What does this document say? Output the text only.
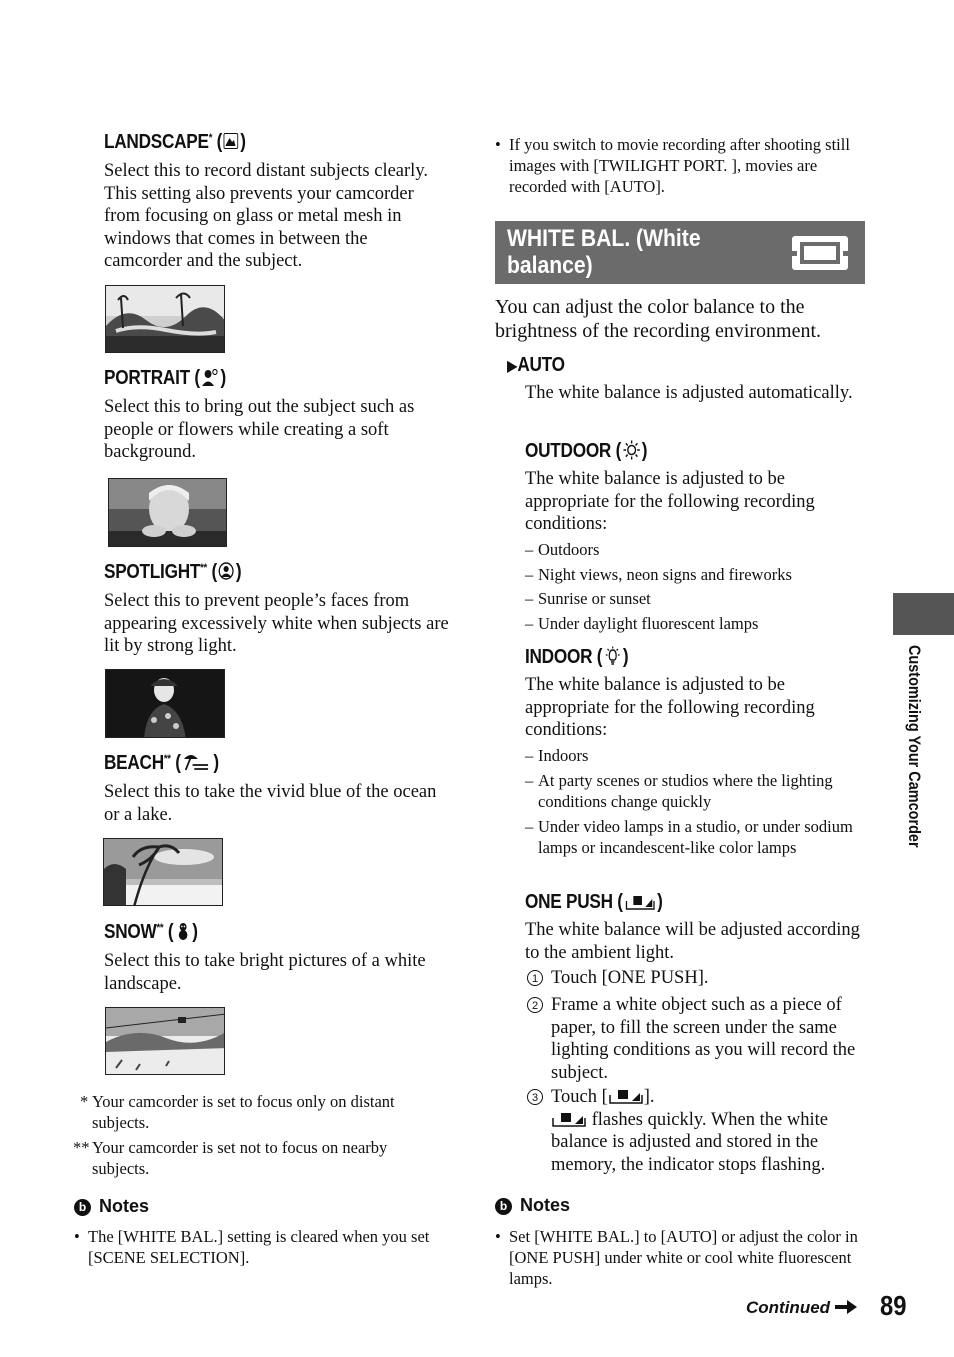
LANDSCAPE* ( )

Select this to record distant subjects clearly. This setting also prevents your camcorder from focusing on glass or metal mesh in windows that comes in between the camcorder and the subject.

PORTRAIT ( )

Select this to bring out the subject such as people or flowers while creating a soft background.

SPOTLIGHT** ( )

Select this to prevent people’s faces from appearing excessively white when subjects are lit by strong light.

BEACH** ( )

Select this to take the vivid blue of the ocean or a lake.

SNOW** ( )

Select this to take bright pictures of a white landscape.

* Your camcorder is set to focus only on distant subjects.

** Your camcorder is set not to focus on nearby subjects.

b Notes
• The [WHITE BAL.] setting is cleared when you set [SCENE SELECTION].

• If you switch to movie recording after shooting still images with [TWILIGHT PORT. ], movies are recorded with [AUTO].

WHITE BAL. (White balance)

You can adjust the color balance to the brightness of the recording environment.

▶AUTO

The white balance is adjusted automatically.

OUTDOOR ( )

The white balance is adjusted to be appropriate for the following recording conditions:

– Outdoors
– Night views, neon signs and fireworks
– Sunrise or sunset
– Under daylight fluorescent lamps
INDOOR ( )

The white balance is adjusted to be appropriate for the following recording conditions:

– Indoors
– At party scenes or studios where the lighting conditions change quickly
– Under video lamps in a studio, or under sodium lamps or incandescent-like color lamps
ONE PUSH ( )

The white balance will be adjusted according to the ambient light.

1 Touch [ONE PUSH].

2 Frame a white object such as a piece of paper, to fill the screen under the same lighting conditions as you will record the subject.

3 Touch [ ].
flashes quickly. When the white balance is adjusted and stored in the memory, the indicator stops flashing.

b Notes
• Set [WHITE BAL.] to [AUTO] or adjust the color in [ONE PUSH] under white or cool white fluorescent lamps.

Customizing Your Camcorder
Continued	89
